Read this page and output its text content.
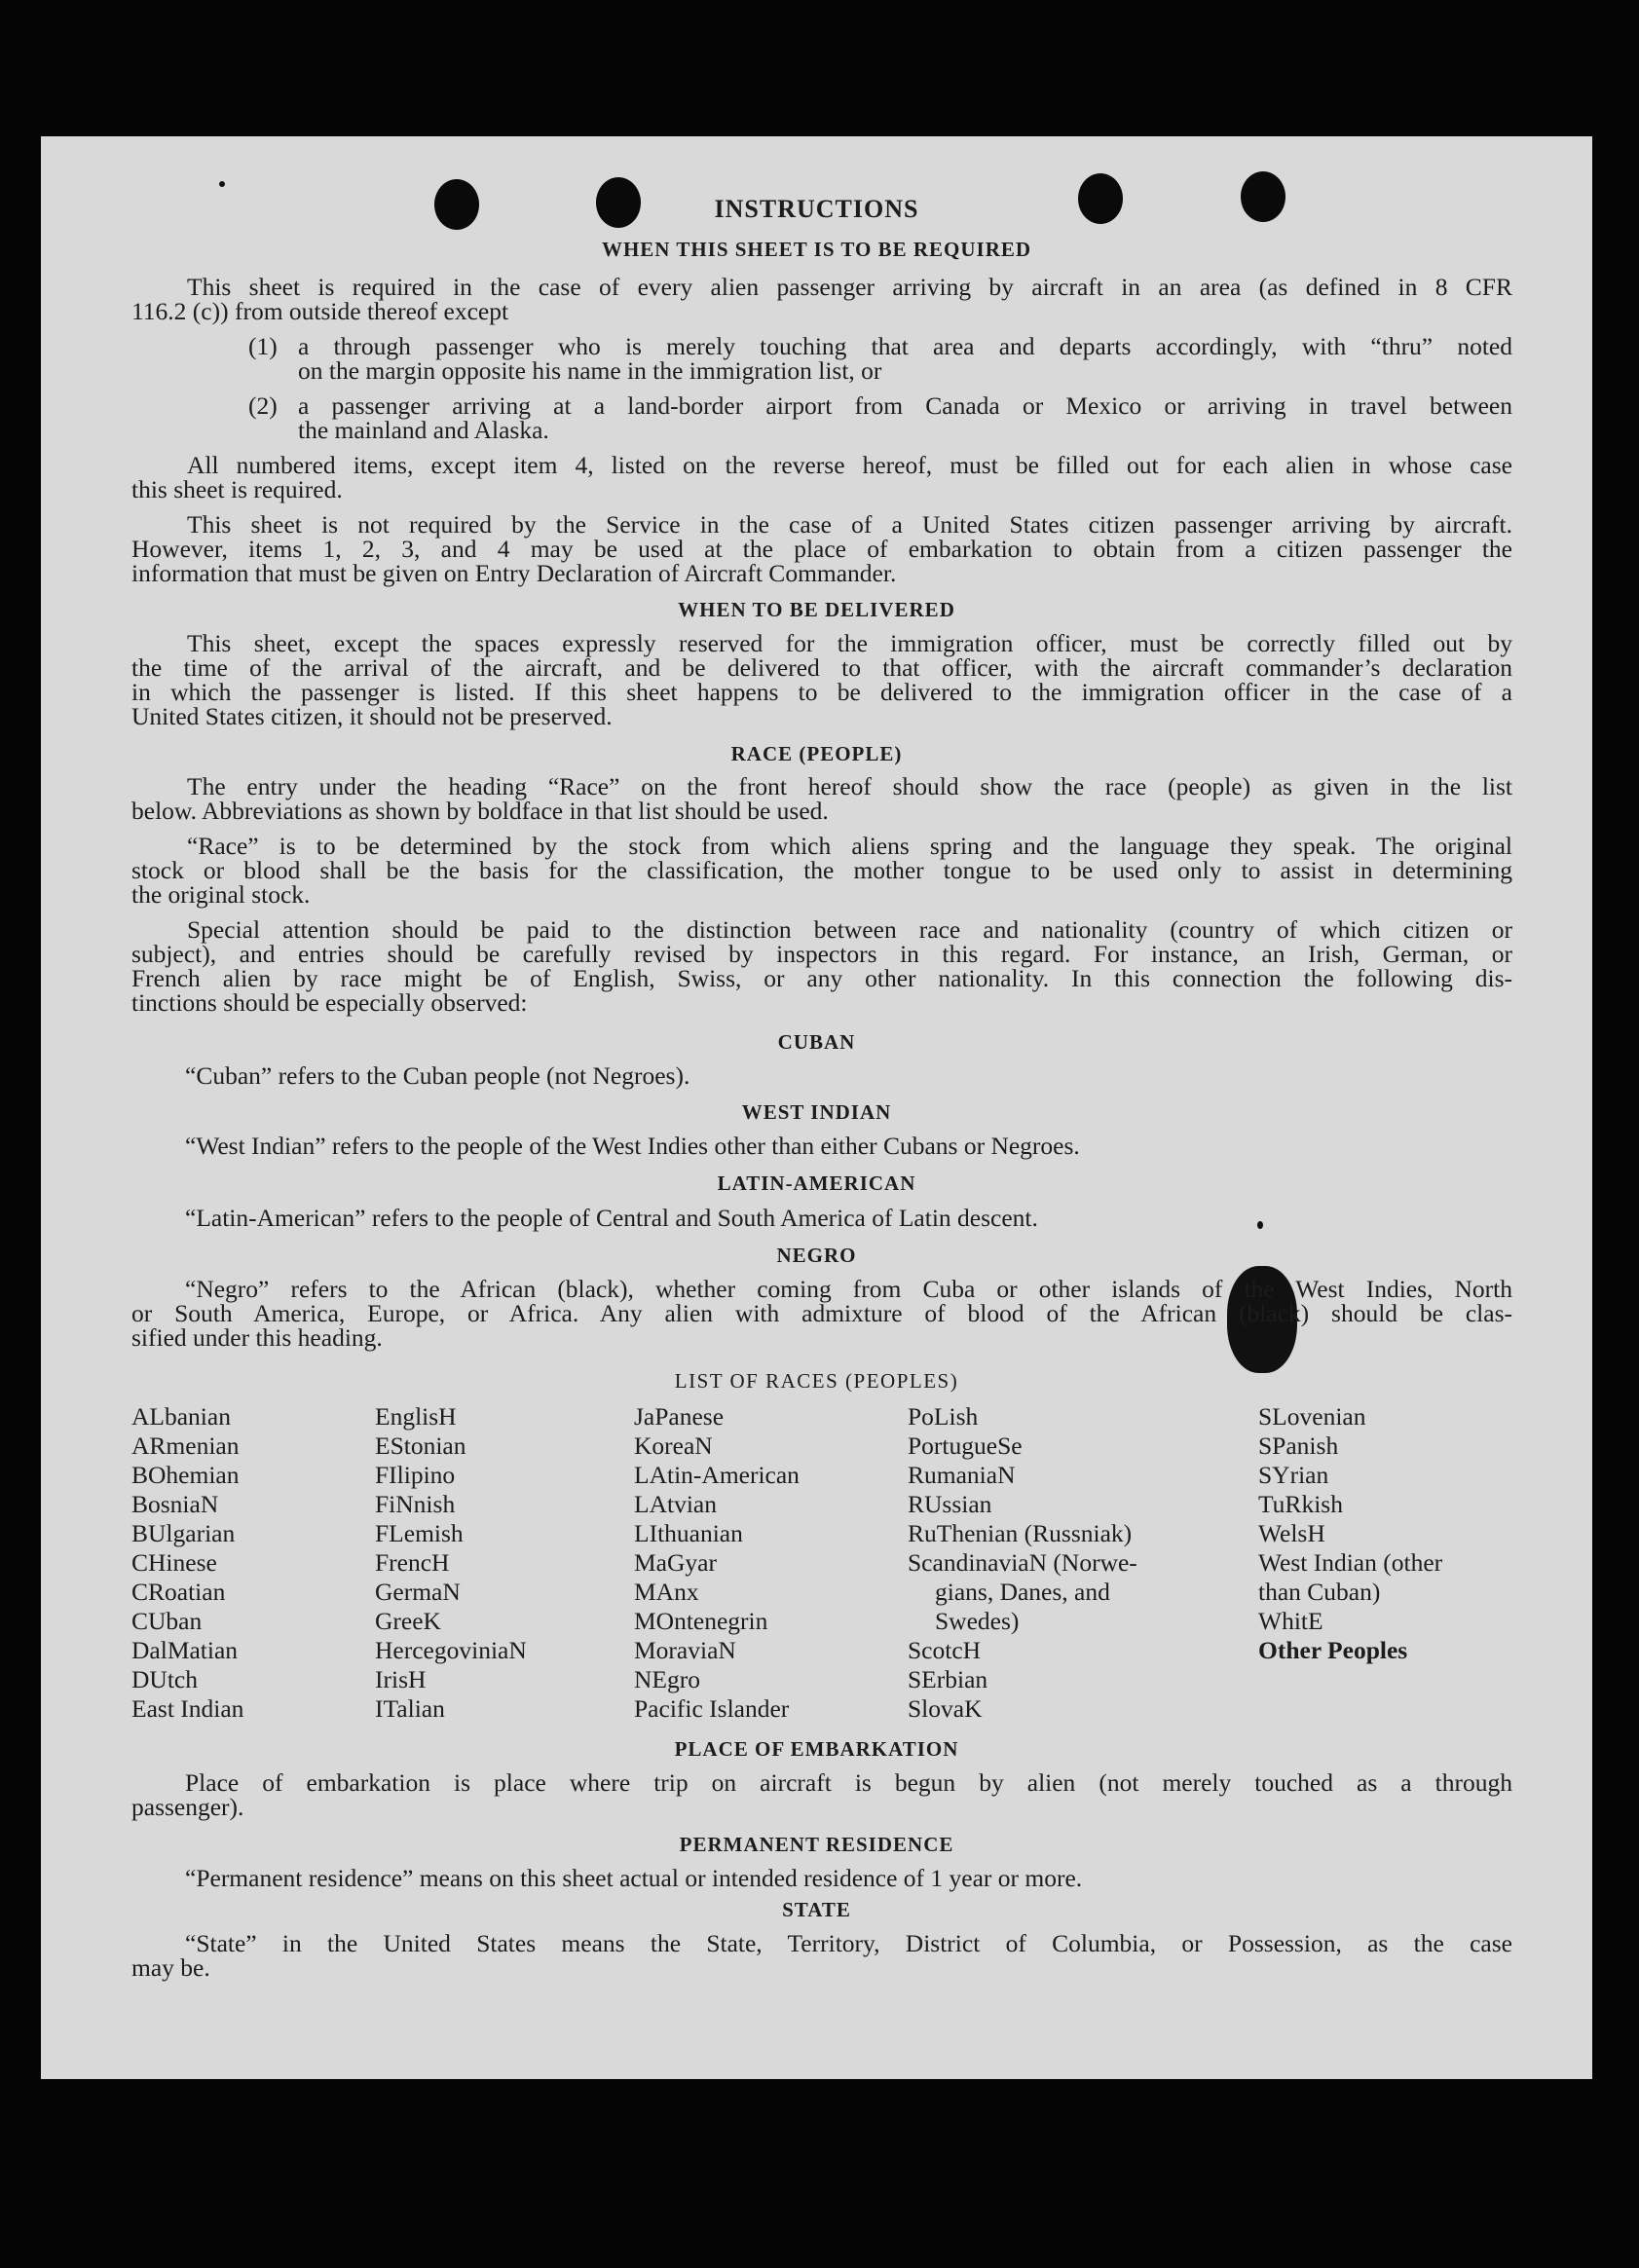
INSTRUCTIONS
WHEN THIS SHEET IS TO BE REQUIRED
This sheet is required in the case of every alien passenger arriving by aircraft in an area (as defined in 8 CFR
116.2 (c)) from outside thereof except
(1) a through passenger who is merely touching that area and departs accordingly, with “thru” noted
on the margin opposite his name in the immigration list, or
(2) a passenger arriving at a land-border airport from Canada or Mexico or arriving in travel between
the mainland and Alaska.
All numbered items, except item 4, listed on the reverse hereof, must be filled out for each alien in whose case
this sheet is required.
This sheet is not required by the Service in the case of a United States citizen passenger arriving by aircraft.
However, items 1, 2, 3, and 4 may be used at the place of embarkation to obtain from a citizen passenger the
information that must be given on Entry Declaration of Aircraft Commander.
WHEN TO BE DELIVERED
This sheet, except the spaces expressly reserved for the immigration officer, must be correctly filled out by
the time of the arrival of the aircraft, and be delivered to that officer, with the aircraft commander’s declaration
in which the passenger is listed. If this sheet happens to be delivered to the immigration officer in the case of a
United States citizen, it should not be preserved.
RACE (PEOPLE)
The entry under the heading “Race” on the front hereof should show the race (people) as given in the list
below. Abbreviations as shown by boldface in that list should be used.
“Race” is to be determined by the stock from which aliens spring and the language they speak. The original
stock or blood shall be the basis for the classification, the mother tongue to be used only to assist in determining
the original stock.
Special attention should be paid to the distinction between race and nationality (country of which citizen or
subject), and entries should be carefully revised by inspectors in this regard. For instance, an Irish, German, or
French alien by race might be of English, Swiss, or any other nationality. In this connection the following dis-
tinctions should be especially observed:
CUBAN
“Cuban” refers to the Cuban people (not Negroes).
WEST INDIAN
“West Indian” refers to the people of the West Indies other than either Cubans or Negroes.
LATIN-AMERICAN
“Latin-American” refers to the people of Central and South America of Latin descent.
NEGRO
“Negro” refers to the African (black), whether coming from Cuba or other islands of the West Indies, North
or South America, Europe, or Africa. Any alien with admixture of blood of the African (black) should be clas-
sified under this heading.
LIST OF RACES (PEOPLES)
ALbanian
ARmenian
BOhemian
BosniaN
BUlgarian
CHinese
CRoatian
CUban
DalMatian
DUtch
East Indian
EnglisH
EStonian
FIlipino
FiNnish
FLemish
FrencH
GermaN
GreeK
HercegoviniaN
IrisH
ITalian
JaPanese
KoreaN
LAtin-American
LAtvian
LIthuanian
MaGyar
MAnx
MOntenegrin
MoraviaN
NEgro
Pacific Islander
PoLish
PortugueSe
RumaniaN
RUssian
RuThenian (Russniak)
ScandinaviaN (Norwe-
gians, Danes, and
Swedes)
ScotcH
SErbian
SlovaK
SLovenian
SPanish
SYrian
TuRkish
WelsH
West Indian (other
than Cuban)
WhitE
Other Peoples
PLACE OF EMBARKATION
Place of embarkation is place where trip on aircraft is begun by alien (not merely touched as a through
passenger).
PERMANENT RESIDENCE
“Permanent residence” means on this sheet actual or intended residence of 1 year or more.
STATE
“State” in the United States means the State, Territory, District of Columbia, or Possession, as the case
may be.
